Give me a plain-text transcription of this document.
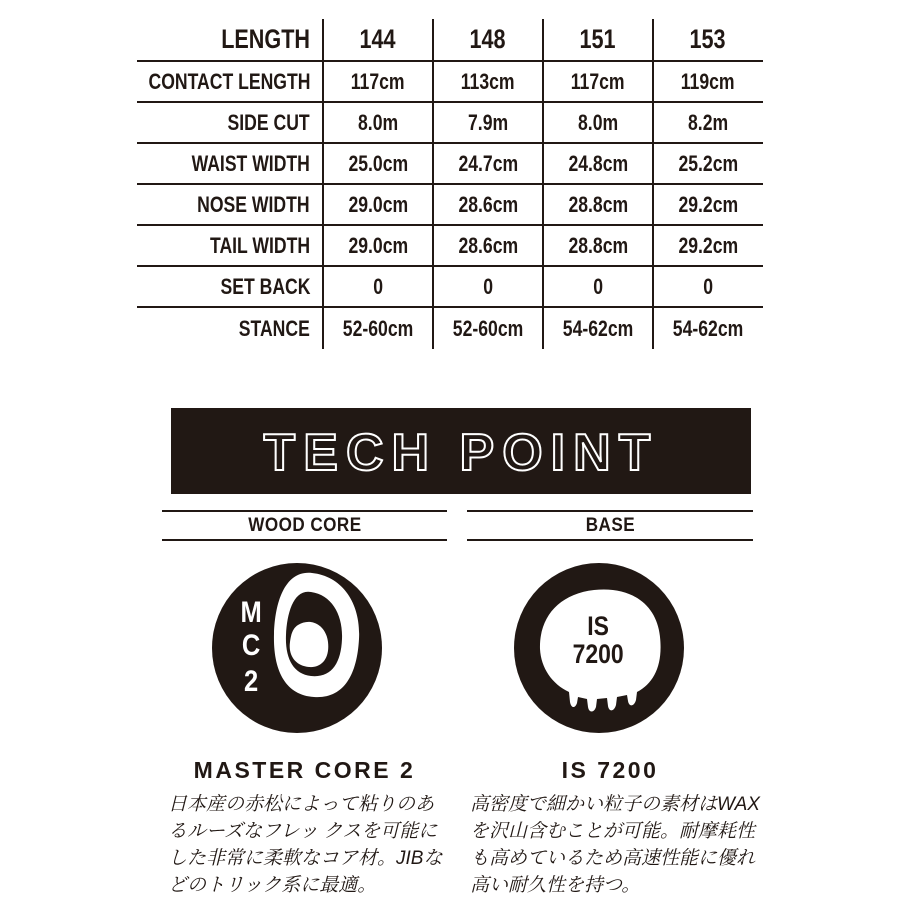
LENGTH 144	148	151	153
CONTACT LENGTH 117cm	113cm	117cm	119cm
SIDE CUT 8.0m	7.9m	8.0m	8.2m
WAIST WIDTH 25.0cm 24.7cm 24.8cm 25.2cm
NOSE WIDTH 29.0cm 28.6cm 28.8cm 29.2cm
TAIL WIDTH 29.0cm 28.6cm 28.8cm 29.2cm
SET BACK	0	0	0	0
STANCE 52-60cm 52-60cm 54-62cm 54-62cm
TECH POINT
WOOD CORE	BASE
M
C
2
IS
7200
MASTER CORE 2	IS 7200
日本産の赤松によって粘りのあ
るルーズなフレッ クスを可能に
した非常に柔軟なコア材。JIBな
どのトリック系に最適。
高密度で細かい粒子の素材はWAX
を沢山含むことが可能。耐摩耗性
も高めているため高速性能に優れ
高い耐久性を持つ。
